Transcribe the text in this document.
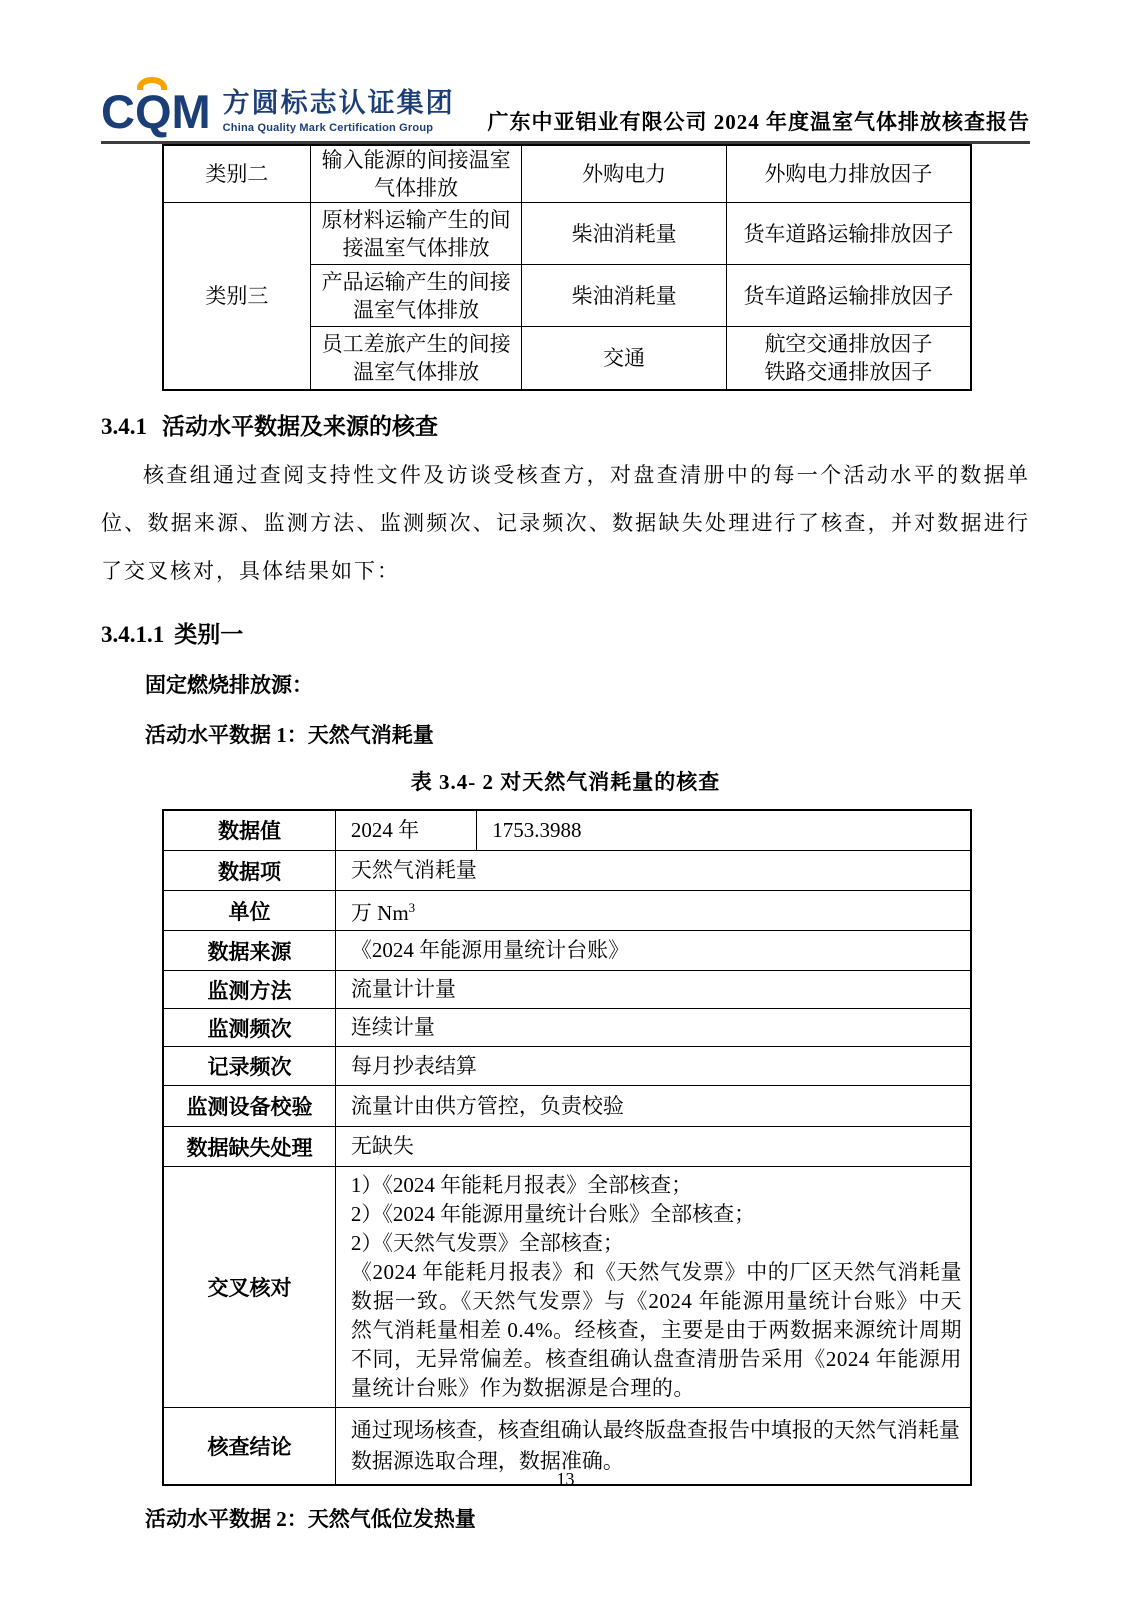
CQM 方圆标志认证集团
China Quality Mark Certification Group	广东中亚铝业有限公司 2024 年度温室气体排放核查报告
类别二	输入能源的间接温室气体排放	外购电力	外购电力排放因子
类别三	原材料运输产生的间接温室气体排放	柴油消耗量	货车道路运输排放因子
	产品运输产生的间接温室气体排放	柴油消耗量	货车道路运输排放因子
	员工差旅产生的间接温室气体排放	交通	航空交通排放因子
铁路交通排放因子
3.4.1 活动水平数据及来源的核查
核查组通过查阅支持性文件及访谈受核查方，对盘查清册中的每一个活动水平的数据单位、数据来源、监测方法、监测频次、记录频次、数据缺失处理进行了核查，并对数据进行了交叉核对，具体结果如下：
3.4.1.1 类别一
固定燃烧排放源：
活动水平数据 1：天然气消耗量
表 3.4- 2 对天然气消耗量的核查
数据值	2024 年	1753.3988
数据项	天然气消耗量	
单位	万 Nm$^3$
数据来源	《2024 年能源用量统计台账》	
监测方法	流量计计量	
监测频次	连续计量	
记录频次	每月抄表结算	
监测设备校验	流量计由供方管控，负责校验	
数据缺失处理	无缺失	
交叉核对	1）《2024 年能耗月报表》全部核查；
2）《2024 年能源用量统计台账》全部核查；
2）《天然气发票》全部核查；
《2024 年能耗月报表》和《天然气发票》中的厂区天然气消耗量数据一致。《天然气发票》与《2024 年能源用量统计台账》中天然气消耗量相差 0.4%。经核查，主要是由于两数据来源统计周期不同，无异常偏差。核查组确认盘查清册告采用《2024 年能源用量统计台账》作为数据源是合理的。	

核查结论	通过现场核查，核查组确认最终版盘查报告中填报的天然气消耗量数据源选取合理，数据准确。	
活动水平数据 2：天然气低位发热量
13
